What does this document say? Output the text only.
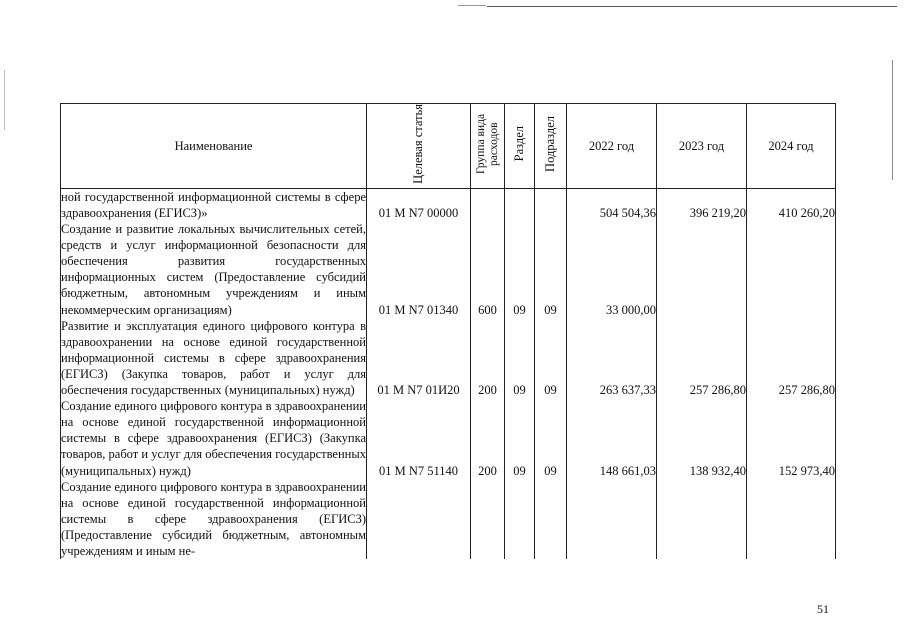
Наименование	Целевая статья	Группа вида расходов	Раздел	Подраздел	2022 год	2023 год	2024 год
ной государственной информационной системы в сфере здравоохранения (ЕГИСЗ)»	01 М N7 00000				504 504,36	396 219,20	410 260,20
Создание и развитие локальных вычислительных сетей, средств и услуг информационной безопасности для обеспечения развития государственных информационных систем (Предоставление субсидий бюджетным, автономным учреждениям и иным некоммерческим организациям)	01 М N7 01340	600	09	09	33 000,00		
Развитие и эксплуатация единого цифрового контура в здравоохранении на основе единой государственной информационной системы в сфере здравоохранения (ЕГИСЗ) (Закупка товаров, работ и услуг для обеспечения государственных (муниципальных) нужд)	01 М N7 01И20	200	09	09	263 637,33	257 286,80	257 286,80
Создание единого цифрового контура в здравоохранении на основе единой государственной информационной системы в сфере здравоохранения (ЕГИСЗ) (Закупка товаров, работ и услуг для обеспечения государственных (муниципальных) нужд)	01 М N7 51140	200	09	09	148 661,03	138 932,40	152 973,40
Создание единого цифрового контура в здравоохранении на основе единой государственной информационной системы в сфере здравоохранения (ЕГИСЗ) (Предоставление субсидий бюджетным, автономным учреждениям и иным не-							
51
